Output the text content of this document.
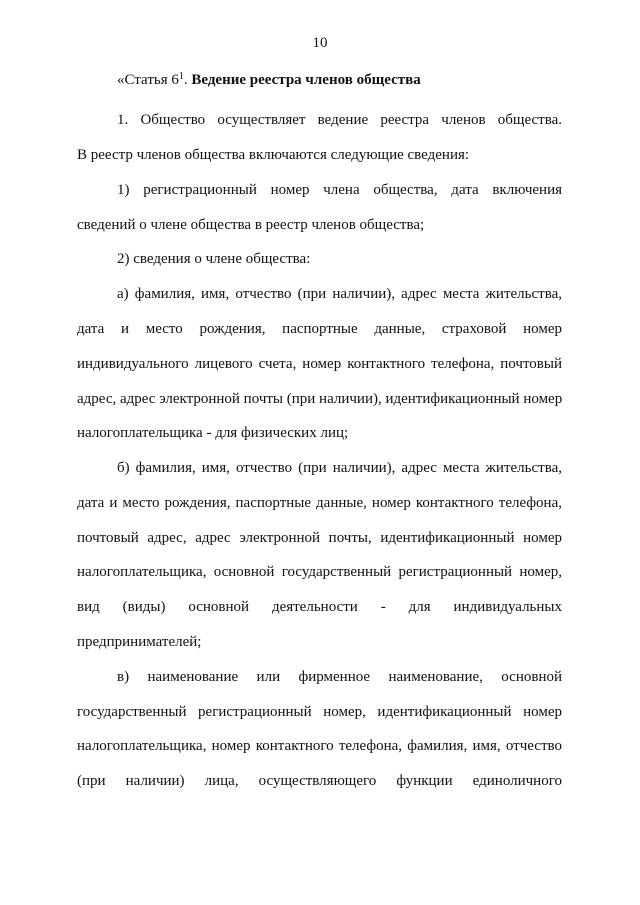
10
«Статья $6^1$. Ведение реестра членов общества
1. Общество осуществляет ведение реестра членов общества.
В реестр членов общества включаются следующие сведения:
1) регистрационный номер члена общества, дата включения
сведений о члене общества в реестр членов общества;
2) сведения о члене общества:
а) фамилия, имя, отчество (при наличии), адрес места жительства,
дата и место рождения, паспортные данные, страховой номер
индивидуального лицевого счета, номер контактного телефона, почтовый
адрес, адрес электронной почты (при наличии), идентификационный номер
налогоплательщика - для физических лиц;
б) фамилия, имя, отчество (при наличии), адрес места жительства,
дата и место рождения, паспортные данные, номер контактного телефона,
почтовый адрес, адрес электронной почты, идентификационный номер
налогоплательщика, основной государственный регистрационный номер,
вид (виды) основной деятельности - для индивидуальных
предпринимателей;
в) наименование или фирменное наименование, основной
государственный регистрационный номер, идентификационный номер
налогоплательщика, номер контактного телефона, фамилия, имя, отчество
(при наличии) лица, осуществляющего функции единоличного
